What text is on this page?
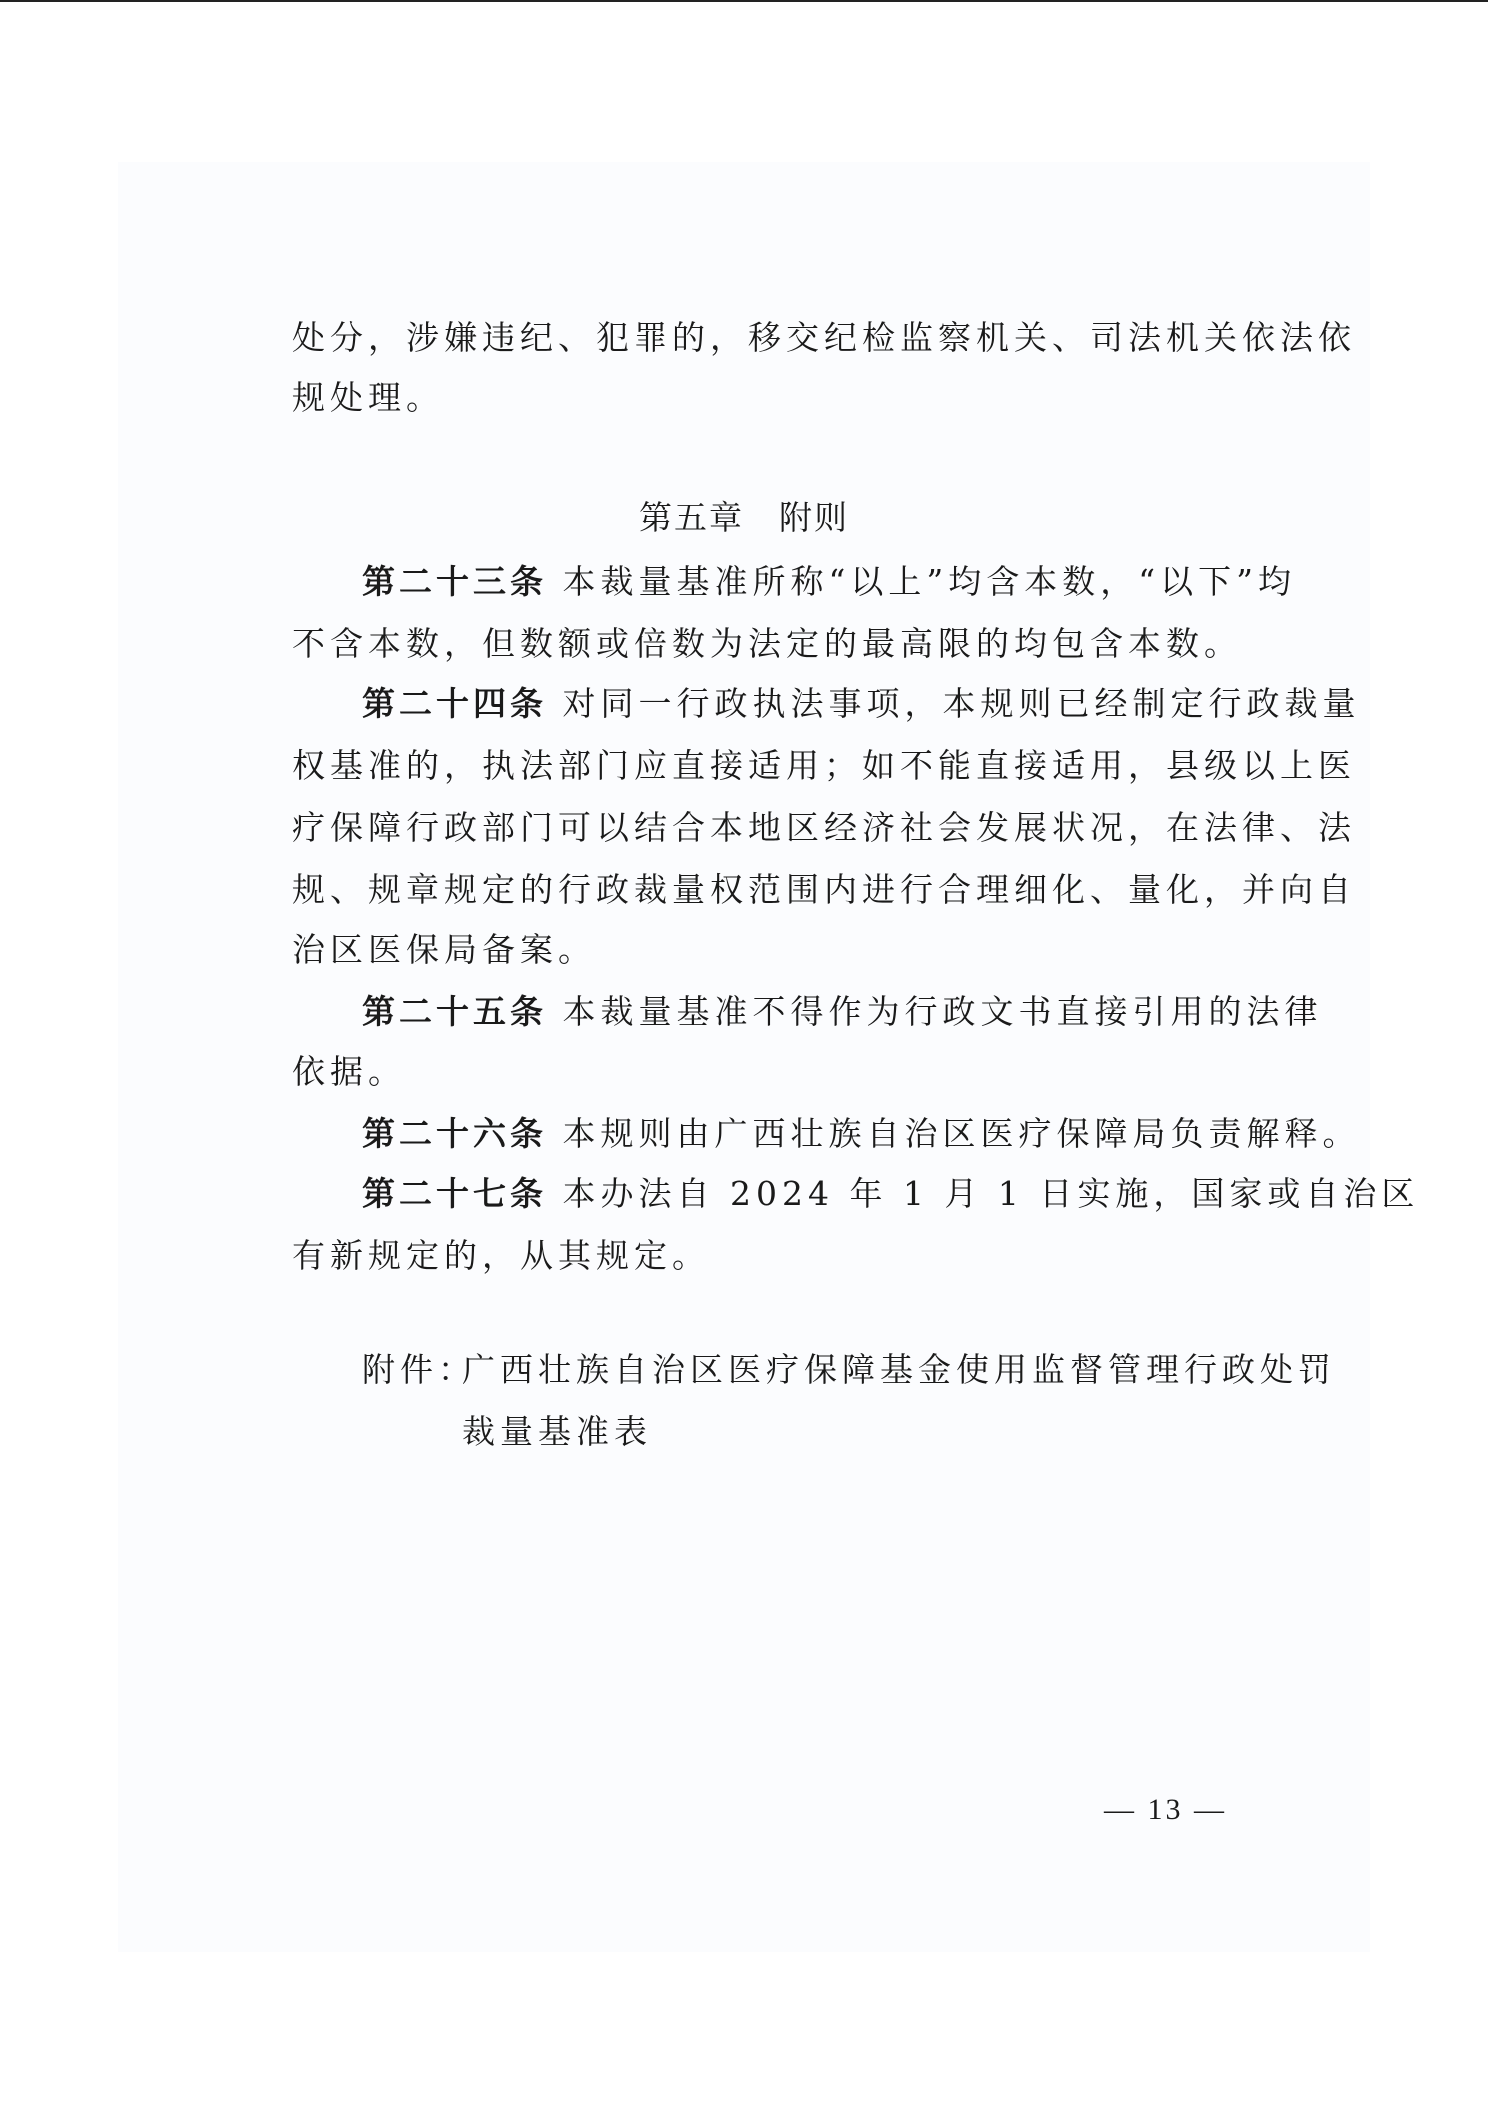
处分，涉嫌违纪、犯罪的，移交纪检监察机关、司法机关依法依
规处理。
第五章　附则
第二十三条 本裁量基准所称“以上”均含本数，“以下”均
不含本数，但数额或倍数为法定的最高限的均包含本数。
第二十四条 对同一行政执法事项，本规则已经制定行政裁量
权基准的，执法部门应直接适用；如不能直接适用，县级以上医
疗保障行政部门可以结合本地区经济社会发展状况，在法律、法
规、规章规定的行政裁量权范围内进行合理细化、量化，并向自
治区医保局备案。
第二十五条 本裁量基准不得作为行政文书直接引用的法律
依据。
第二十六条 本规则由广西壮族自治区医疗保障局负责解释。
第二十七条 本办法自 2024 年 1 月 1 日实施，国家或自治区
有新规定的，从其规定。
附件：
广西壮族自治区医疗保障基金使用监督管理行政处罚
裁量基准表
— 13 —
